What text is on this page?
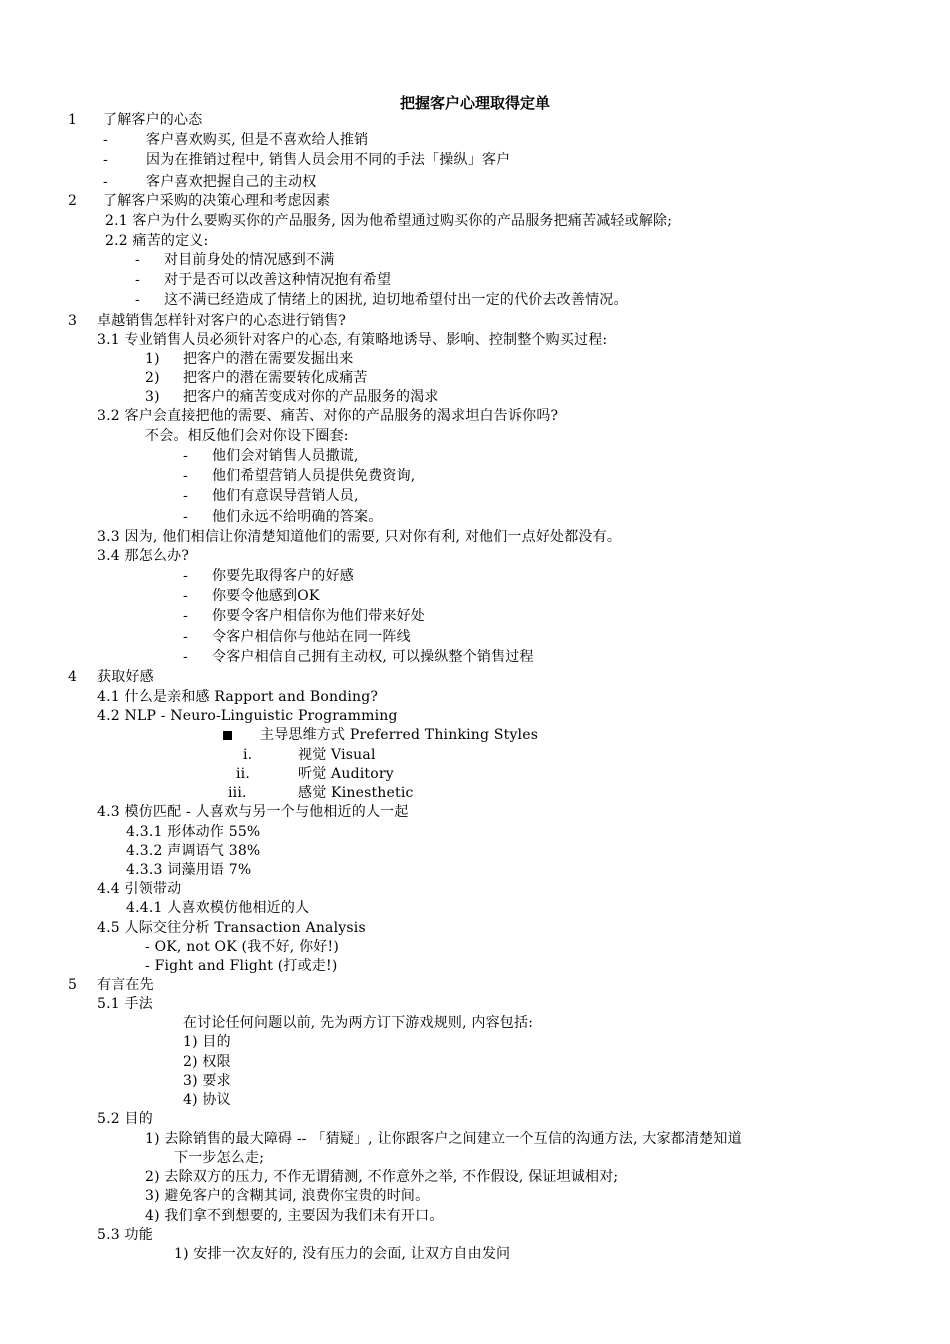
把握客户心理取得定单
1 了解客户的心态
-	客户喜欢购买, 但是不喜欢给人推销
-	因为在推销过程中, 销售人员会用不同的手法「操纵」客户
-	客户喜欢把握自己的主动权
2 了解客户采购的决策心理和考虑因素
2.1 客户为什么要购买你的产品服务, 因为他希望通过购买你的产品服务把痛苦减轻或解除;
2.2 痛苦的定义:
- 对目前身处的情况感到不满
- 对于是否可以改善这种情况抱有希望
- 这不满已经造成了情绪上的困扰, 迫切地希望付出一定的代价去改善情况。
3 卓越销售怎样针对客户的心态进行销售?
3.1 专业销售人员必须针对客户的心态, 有策略地诱导、影响、控制整个购买过程:
1) 把客户的潜在需要发掘出来
2) 把客户的潜在需要转化成痛苦
3) 把客户的痛苦变成对你的产品服务的渴求
3.2 客户会直接把他的需要、痛苦、对你的产品服务的渴求坦白告诉你吗?
不会。相反他们会对你设下圈套:
- 他们会对销售人员撒谎,
- 他们希望营销人员提供免费资询,
- 他们有意误导营销人员,
- 他们永远不给明确的答案。
3.3 因为, 他们相信让你清楚知道他们的需要, 只对你有利, 对他们一点好处都没有。
3.4 那怎么办?
- 你要先取得客户的好感
- 你要令他感到OK
- 你要令客户相信你为他们带来好处
- 令客户相信你与他站在同一阵线
- 令客户相信自己拥有主动权, 可以操纵整个销售过程
4 获取好感
4.1 什么是亲和感 Rapport and Bonding?
4.2 NLP - Neuro-Linguistic Programming
主导思维方式 Preferred Thinking Styles
i.	视觉 Visual
ii.	听觉 Auditory
iii.	感觉 Kinesthetic
4.3 模仿匹配 - 人喜欢与另一个与他相近的人一起
4.3.1 形体动作 55%
4.3.2 声调语气 38%
4.3.3 词藻用语 7%
4.4 引领带动
4.4.1 人喜欢模仿他相近的人
4.5 人际交往分析 Transaction Analysis
- OK, not OK (我不好, 你好!)
- Fight and Flight (打或走!)
5 有言在先
5.1 手法
在讨论任何问题以前, 先为两方订下游戏规则, 内容包括:
1) 目的
2) 权限
3) 要求
4) 协议
5.2 目的
1) 去除销售的最大障碍 -- 「猜疑」, 让你跟客户之间建立一个互信的沟通方法, 大家都清楚知道
下一步怎么走;
2) 去除双方的压力, 不作无谓猜测, 不作意外之举, 不作假设, 保证坦诚相对;
3) 避免客户的含糊其词, 浪费你宝贵的时间。
4) 我们拿不到想要的, 主要因为我们未有开口。
5.3 功能
1) 安排一次友好的, 没有压力的会面, 让双方自由发问
